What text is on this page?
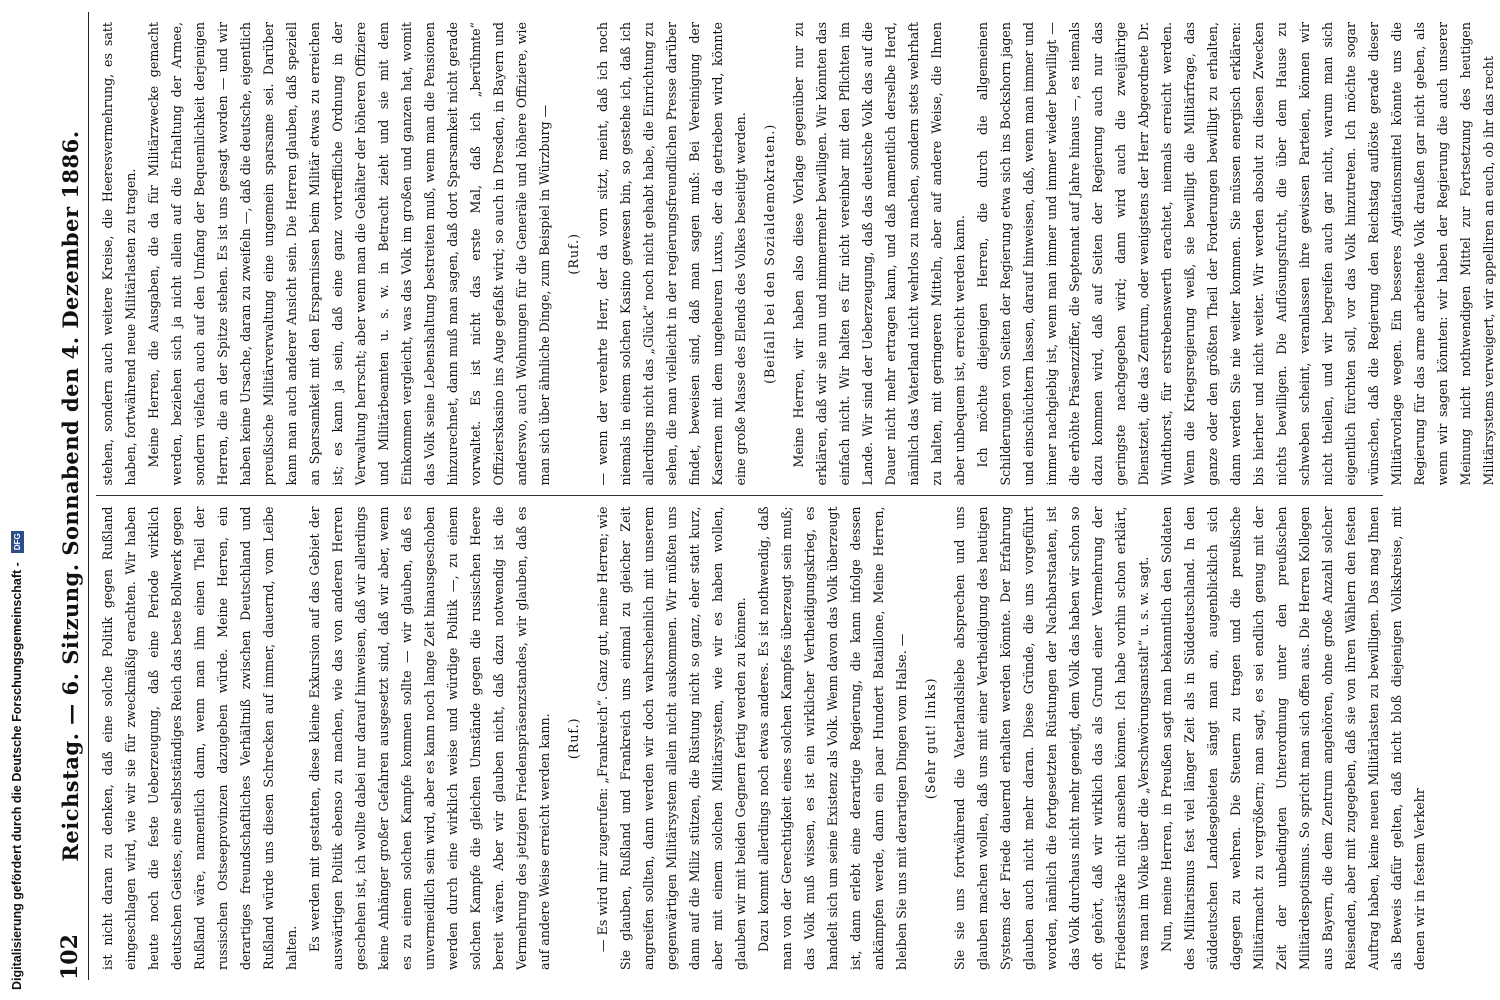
102
Reichstag. — 6. Sitzung. Sonnabend den 4. Dezember 1886.	ist nicht daran zu denken, daß eine solche Politik gegen Rußland eingeschlagen wird, wie wir sie für zweckmäßig erachten. Wir haben heute noch die feste Ueberzeugung, daß eine Periode wirklich deutschen Geistes, eine selbstständiges Reich das beste Bollwerk gegen Rußland wäre, namentlich dann, wenn man ihm einen Theil der russischen Ostseeprovinzen dazugeben würde. Meine Herren, ein derartiges freundschaftliches Verhältniß zwischen Deutschland und Rußland würde uns diesen Schrecken auf immer, dauernd, vom Leibe halten. Es werden mit gestatten, diese kleine Exkursion auf das Gebiet der auswärtigen Politik ebenso zu machen, wie das von anderen Herren geschehen ist, ich wollte dabei nur darauf hinweisen, daß wir allerdings keine Anhänger großer Gefahren ausgesetzt sind, daß wir aber, wenn es zu einem solchen Kampfe kommen sollte — wir glauben, daß es unvermeidlich sein wird, aber es kann noch lange Zeit hinausgeschoben werden durch eine wirklich weise und würdige Politik —, zu einem solchen Kampfe die gleichen Umstände gegen die russischen Heere bereit wären. Aber wir glauben nicht, daß dazu notwendig ist die Vermehrung des jetzigen Friedenspräsenzstandes, wir glauben, daß es auf andere Weise erreicht werden kann.	(Ruf.)	— Es wird mir zugerufen: „Frankreich“. Ganz gut, meine Herren; wie Sie glauben, Rußland und Frankreich uns einmal zu gleicher Zeit angreifen sollten, dann werden wir doch wahrscheinlich mit unserem gegenwärtigen Militärsystem allein nicht auskommen. Wir müßten uns dann auf die Miliz stützen, die Rüstung nicht so ganz, eher statt kurz, aber mit einem solchen Militärsystem, wie wir es haben wollen, glauben wir mit beiden Gegnern fertig werden zu können. Dazu kommt allerdings noch etwas anderes. Es ist nothwendig, daß man von der Gerechtigkeit eines solchen Kampfes überzeugt sein muß; das Volk muß wissen, es ist ein wirklicher Vertheidigungskrieg, es handelt sich um seine Existenz als Volk. Wenn davon das Volk überzeugt ist, dann erlebt eine derartige Regierung, die kann infolge dessen ankämpfen werde, dann ein paar Hundert Bataillone, Meine Herren, bleiben Sie uns mit derartigen Dingen vom Halse. —	(Sehr gut! links)	Sie sie uns fortwährend die Vaterlandsliebe absprechen und uns glauben machen wollen, daß uns mit einer Vertheidigung des heutigen Systems der Friede dauernd erhalten werden könnte. Der Erfahrung glauben auch nicht mehr daran. Diese Gründe, die uns vorgeführt worden, nämlich die fortgesetzten Rüstungen der Nachbarstaaten, ist das Volk durchaus nicht mehr geneigt, dem Volk das haben wir schon so oft gehört, daß wir wirklich das als Grund einer Vermehrung der Friedensstärke nicht ansehen können. Ich habe vorhin schon erklärt, was man im Volke über die „Verschwörungsanstalt“ u. s. w. sagt. Nun, meine Herren, in Preußen sagt man bekanntlich den Soldaten des Militarismus fest viel länger Zeit als in Süddeutschland. In den süddeutschen Landesgebieten sängt man an, augenblicklich sich dagegen zu wehren. Die Steuern zu tragen und die preußische Militärmacht zu vergrößern; man sagt, es sei endlich genug mit der Zeit der unbedingten Unterordnung unter den preußischen Militärdespotismus. So spricht man sich offen aus. Die Herren Kollegen aus Bayern, die dem Zentrum angehören, ohne große Anzahl solcher Reisenden, aber mit zugegeben, daß sie von ihren Wählern den festen Auftrag haben, keine neuen Militärlasten zu bewilligen. Das mag Ihnen als Beweis dafür gelten, daß nicht bloß diejenigen Volkskreise, mit denen wir in festem Verkehr

stehen, sondern auch weitere Kreise, die Heeresvermehrung, es satt haben, fortwährend neue Militärlasten zu tragen. Meine Herren, die Ausgaben, die da für Militärzwecke gemacht werden, beziehen sich ja nicht allein auf die Erhaltung der Armee, sondern vielfach auch auf den Umfang der Bequemlichkeit derjenigen Herren, die an der Spitze stehen. Es ist uns gesagt worden — und wir haben keine Ursache, daran zu zweifeln —, daß die deutsche, eigentlich preußische Militärverwaltung eine ungemein sparsame sei. Darüber kann man auch anderer Ansicht sein. Die Herren glauben, daß speziell an Sparsamkeit mit den Ersparnissen beim Militär etwas zu erreichen ist; es kann ja sein, daß eine ganz vortreffliche Ordnung in der Verwaltung herrscht; aber wenn man die Gehälter der höheren Offiziere und Militärbeamten u. s. w. in Betracht zieht und sie mit dem Einkommen vergleicht, was das Volk im großen und ganzen hat, womit das Volk seine Lebenshaltung bestreiten muß, wenn man die Pensionen hinzurechnet, dann muß man sagen, daß dort Sparsamkeit nicht gerade vorwaltet. Es ist nicht das erste Mal, daß ich „berühmte“ Offizierskasino ins Auge gefaßt wird; so auch in Dresden, in Bayern und anderswo, auch Wohnungen für die Generäle und höhere Offiziere, wie man sich über ähnliche Dinge, zum Beispiel in Würzburg —	(Ruf.)	— wenn der verehrte Herr, der da vorn sitzt, meint, daß ich noch niemals in einem solchen Kasino gewesen bin, so gestehe ich, daß ich allerdings nicht das „Glück“ noch nicht gehabt habe, die Einrichtung zu sehen, die man vielleicht in der regierungsfreundlichen Presse darüber findet, beweisen sind, daß man sagen muß: Bei Vereinigung der Kasernen mit dem ungeheuren Luxus, der da getrieben wird, könnte eine große Masse des Elends des Volkes beseitigt werden.	(Beifall bei den Sozialdemokraten.)	Meine Herren, wir haben also diese Vorlage gegenüber nur zu erklären, daß wir sie nun und nimmermehr bewilligen. Wir könnten das einfach nicht. Wir halten es für nicht vereinbar mit den Pflichten im Lande. Wir sind der Ueberzeugung, daß das deutsche Volk das auf die Dauer nicht mehr ertragen kann, und daß namentlich derselbe Herd, nämlich das Vaterland nicht wehrlos zu machen, sondern stets wehrhaft zu halten, mit geringeren Mitteln, aber auf andere Weise, die Ihnen aber unbequem ist, erreicht werden kann. Ich möchte diejenigen Herren, die durch die allgemeinen Schilderungen von Seiten der Regierung etwa sich ins Bockshorn jagen und einschüchtern lassen, darauf hinweisen, daß, wenn man immer und immer nachgiebig ist, wenn man immer und immer wieder bewilligt — die erhöhte Präsenzziffer, die Septennat auf Jahre hinaus —, es niemals dazu kommen wird, daß auf Seiten der Regierung auch nur das geringste nachgegeben wird; dann wird auch die zweijährige Dienstzeit, die das Zentrum, oder wenigstens der Herr Abgeordnete Dr. Windthorst, für erstrebenswerth erachtet, niemals erreicht werden. Wenn die Kriegsregierung weiß, sie bewilligt die Militärfrage, das ganze oder den größten Theil der Forderungen bewilligt zu erhalten, dann werden Sie nie weiter kommen. Sie müssen energisch erklären: bis hierher und nicht weiter. Wir werden absolut zu diesen Zwecken nichts bewilligen. Die Auflösungsfurcht, die über dem Hause zu schweben scheint, veranlassen ihre gewissen Parteien, können wir nicht theilen, und wir begreifen auch gar nicht, warum man sich eigentlich fürchten soll, vor das Volk hinzutreten. Ich möchte sogar wünschen, daß die Regierung den Reichstag auflöste gerade dieser Militärvorlage wegen. Ein besseres Agitationsmittel könnte uns die Regierung für das arme arbeitende Volk draußen gar nicht geben, als wenn wir sagen könnten: wir haben der Regierung die auch unserer Meinung nicht nothwendigen Mittel zur Fortsetzung des heutigen Militärsystems verweigert, wir appelliren an euch, ob ihr das recht

Digitalisierung gefördert durch die Deutsche Forschungsgemeinschaft - DFG
